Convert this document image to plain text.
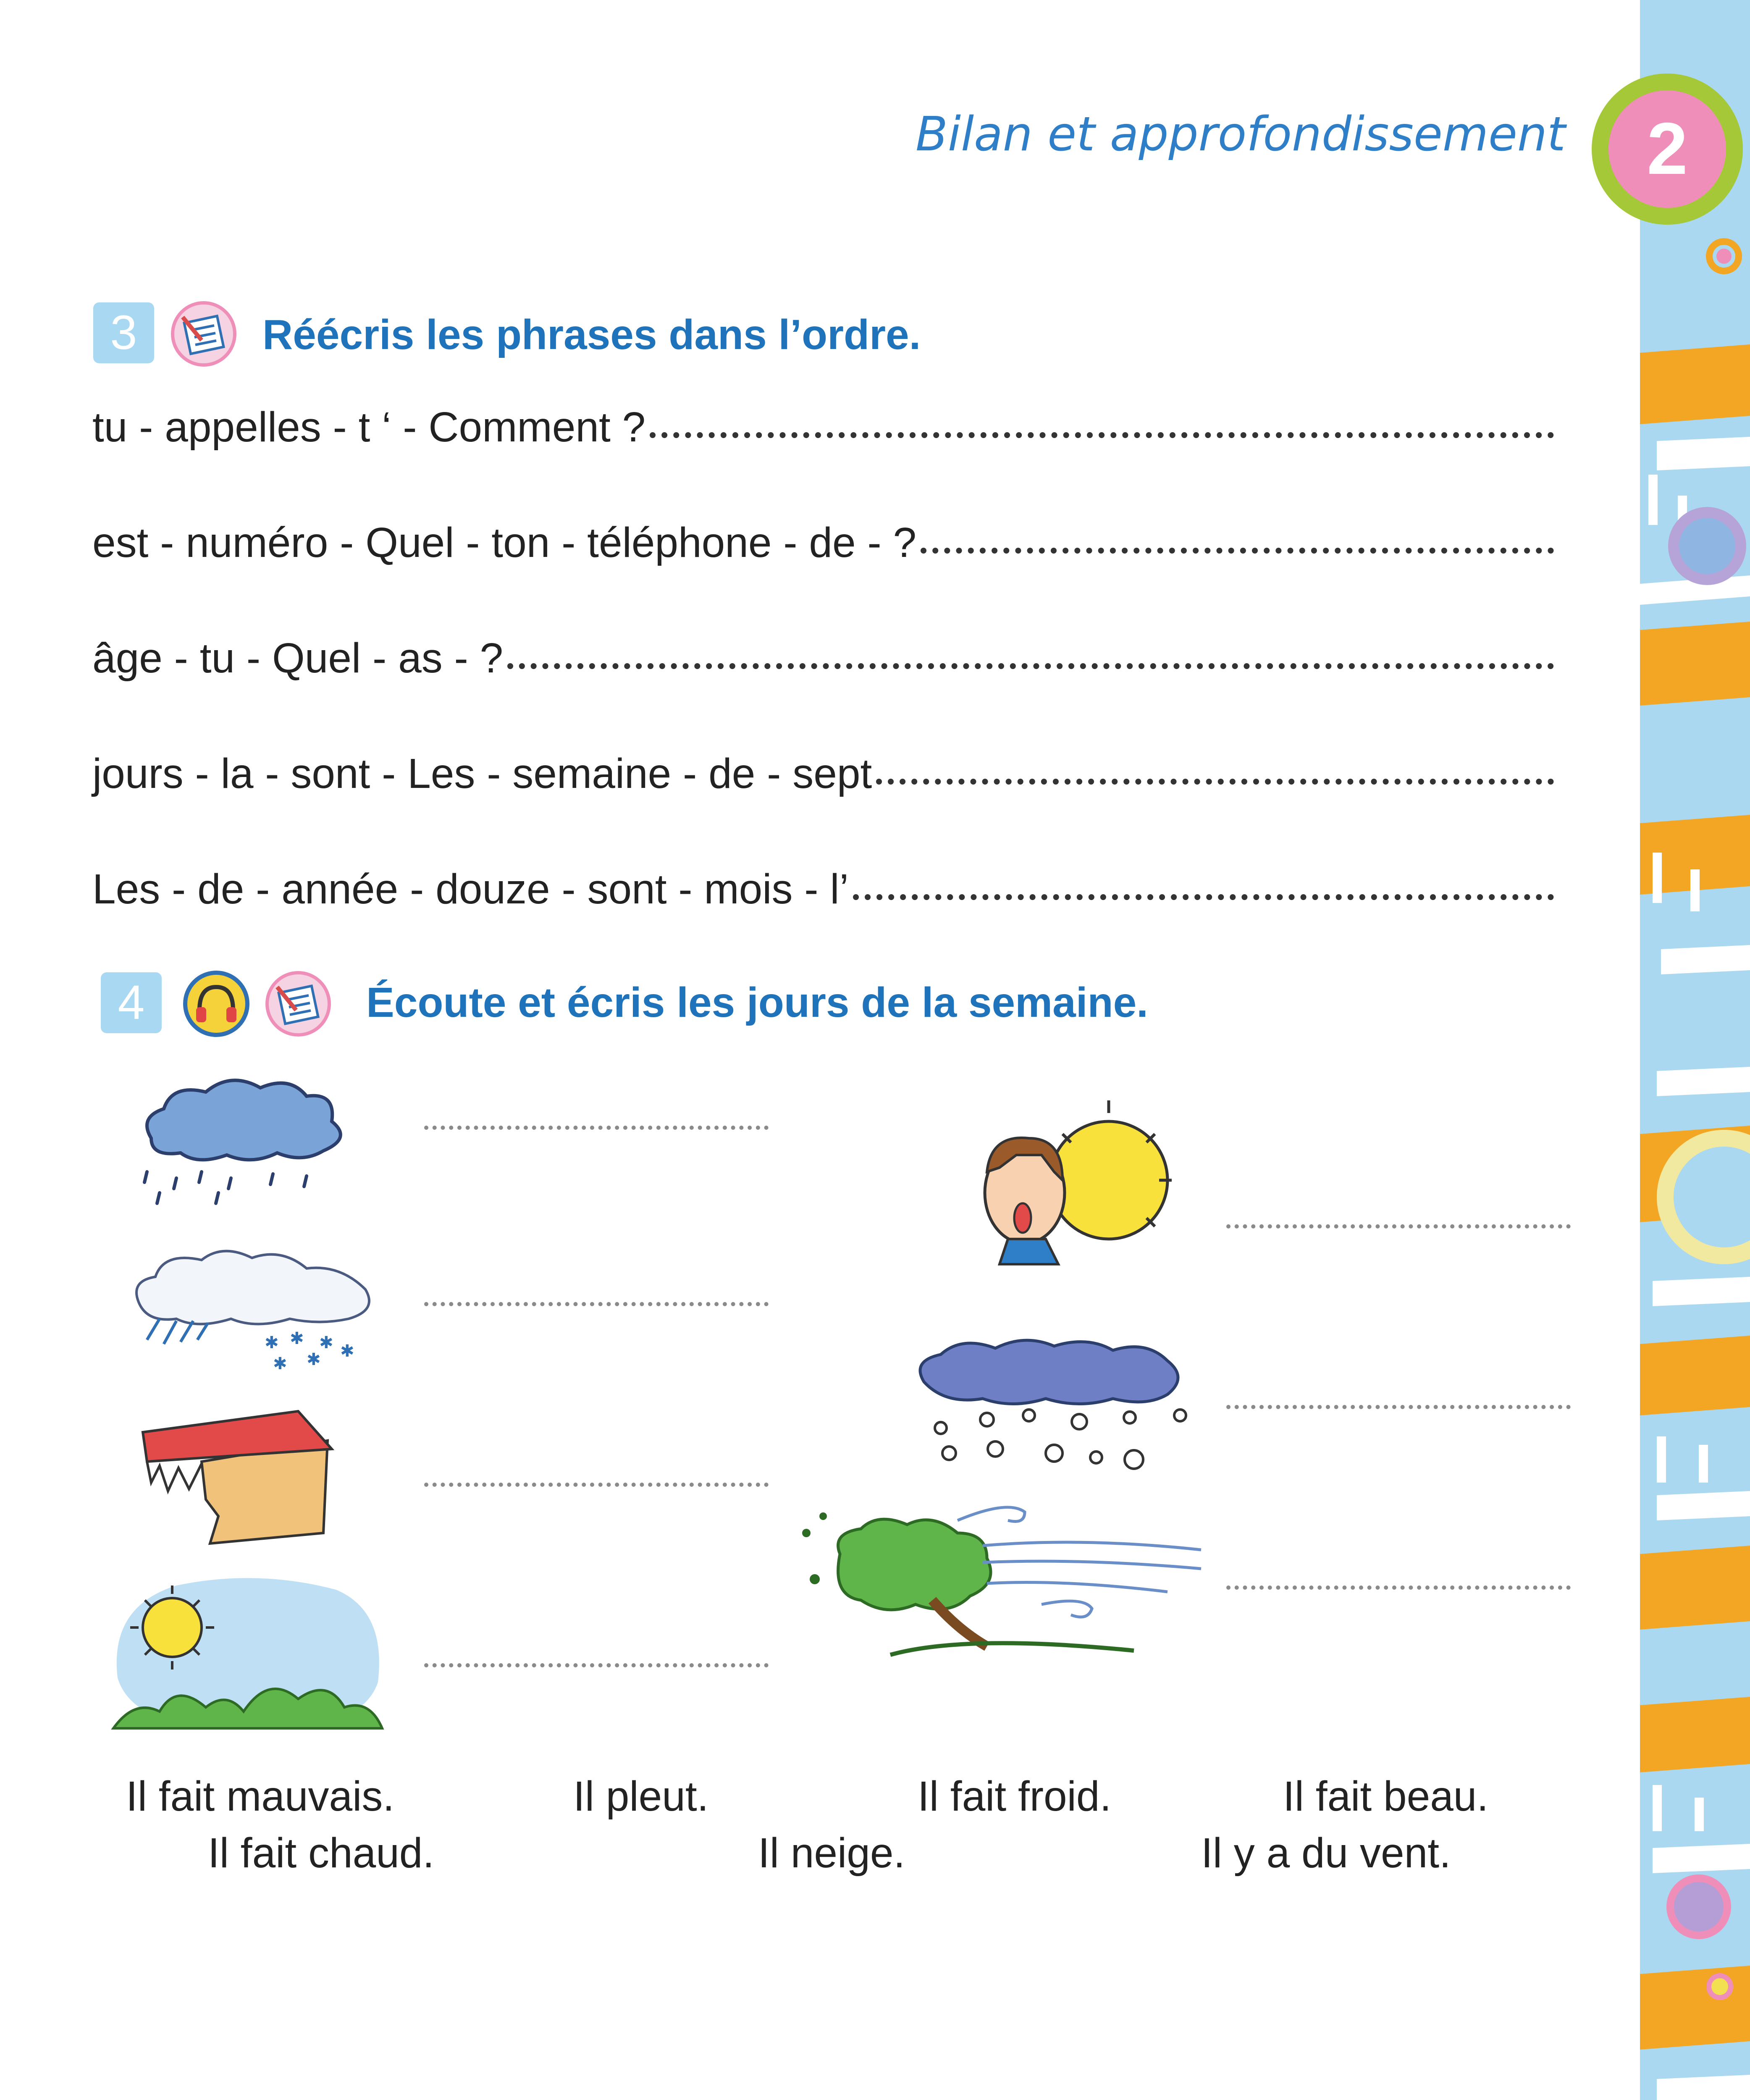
Bilan et approfondissement	2
3	Réécris les phrases dans l’ordre.
tu - appelles - t ‘ - Comment ?
est - numéro - Quel - ton - téléphone - de - ?
âge - tu - Quel - as - ?
jours - la - sont - Les - semaine - de - sept
Les - de - année - douze - sont - mois - l’
4	Écoute et écris les jours de la semaine.
✱ ✱ ✱
✱ ✱ ✱
Il fait mauvais.	Il pleut.	Il fait froid.	Il fait beau.
Il fait chaud.	Il neige.	Il y a du vent.
